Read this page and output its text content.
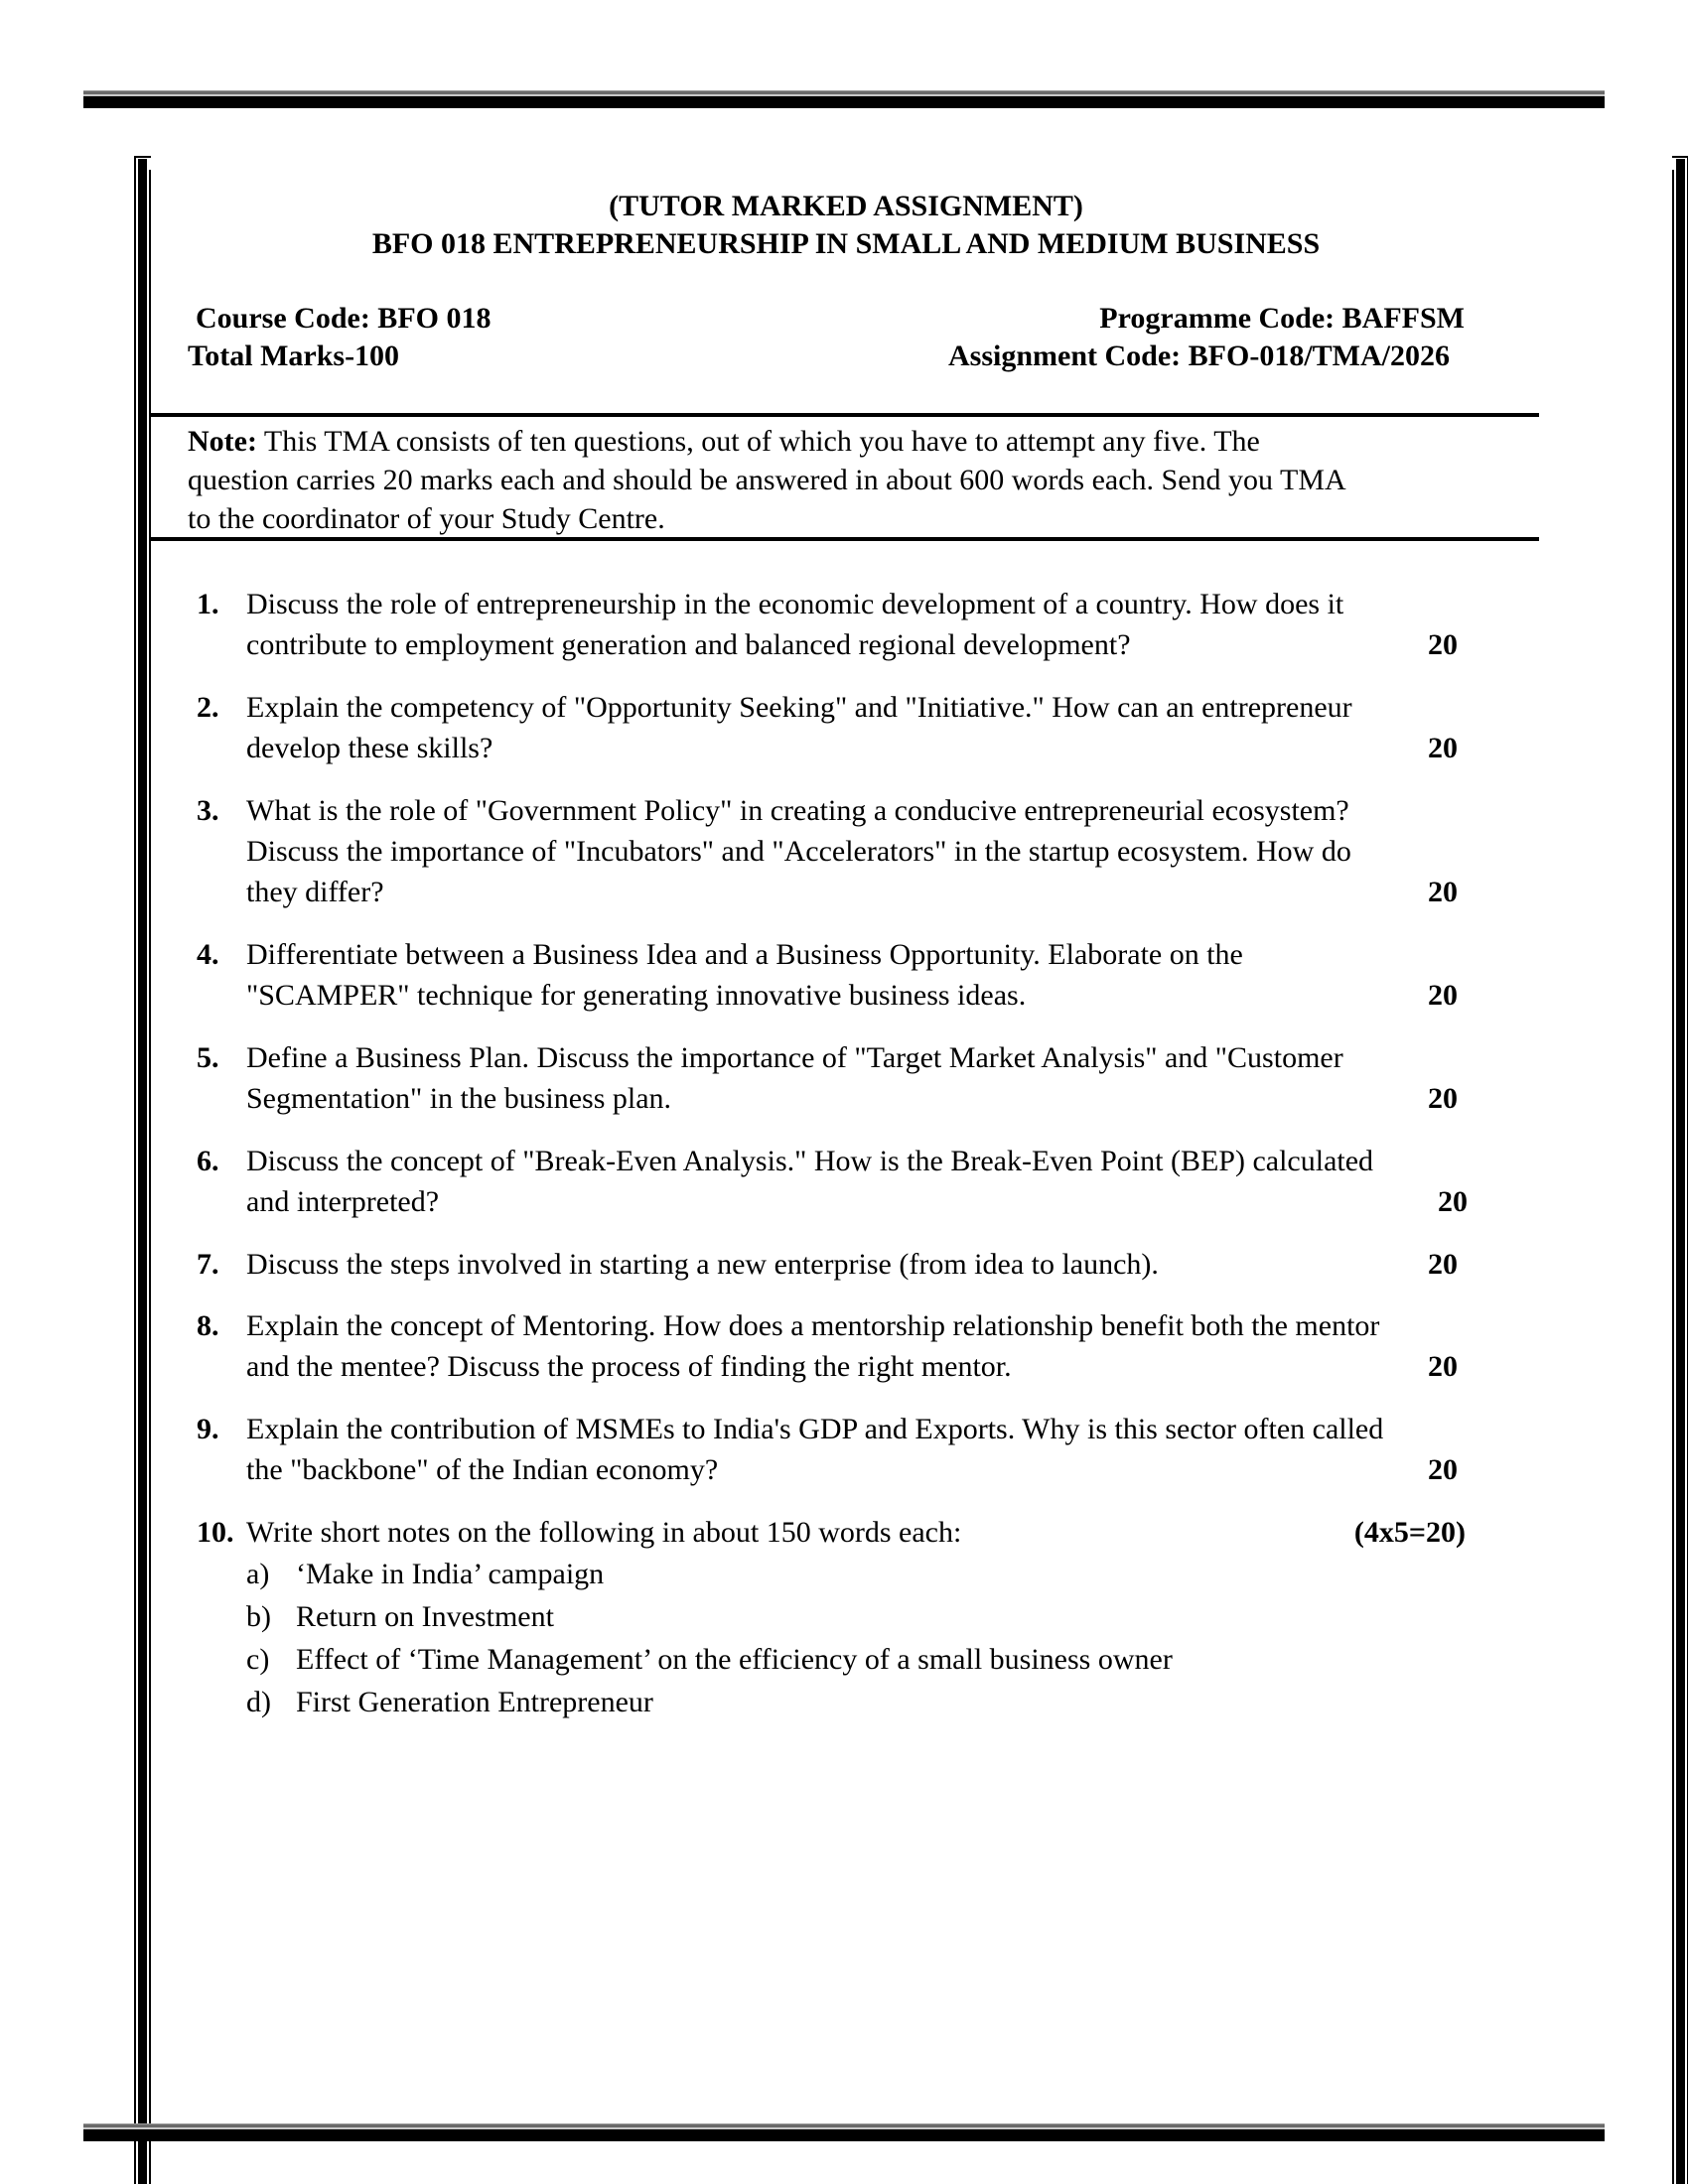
(TUTOR MARKED ASSIGNMENT)
BFO 018 ENTREPRENEURSHIP IN SMALL AND MEDIUM BUSINESS
Course Code: BFO 018
Total Marks-100
Programme Code: BAFFSM
Assignment Code: BFO-018/TMA/2026
Note: This TMA consists of ten questions, out of which you have to attempt any five. The
question carries 20 marks each and should be answered in about 600 words each. Send you TMA
to the coordinator of your Study Centre.
1. Discuss the role of entrepreneurship in the economic development of a country. How does it
contribute to employment generation and balanced regional development?	20
2. Explain the competency of "Opportunity Seeking" and "Initiative." How can an entrepreneur
develop these skills?	20
3. What is the role of "Government Policy" in creating a conducive entrepreneurial ecosystem?
Discuss the importance of "Incubators" and "Accelerators" in the startup ecosystem. How do
they differ?	20
4. Differentiate between a Business Idea and a Business Opportunity. Elaborate on the
"SCAMPER" technique for generating innovative business ideas.	20
5. Define a Business Plan. Discuss the importance of "Target Market Analysis" and "Customer
Segmentation" in the business plan.	20
6. Discuss the concept of "Break-Even Analysis." How is the Break-Even Point (BEP) calculated
and interpreted?	20
7. Discuss the steps involved in starting a new enterprise (from idea to launch).	20
8. Explain the concept of Mentoring. How does a mentorship relationship benefit both the mentor
and the mentee? Discuss the process of finding the right mentor.	20
9. Explain the contribution of MSMEs to India's GDP and Exports. Why is this sector often called
the "backbone" of the Indian economy?	20
10. Write short notes on the following in about 150 words each:	(4x5=20)
a) ‘Make in India’ campaign
b) Return on Investment
c) Effect of ‘Time Management’ on the efficiency of a small business owner
d) First Generation Entrepreneur
